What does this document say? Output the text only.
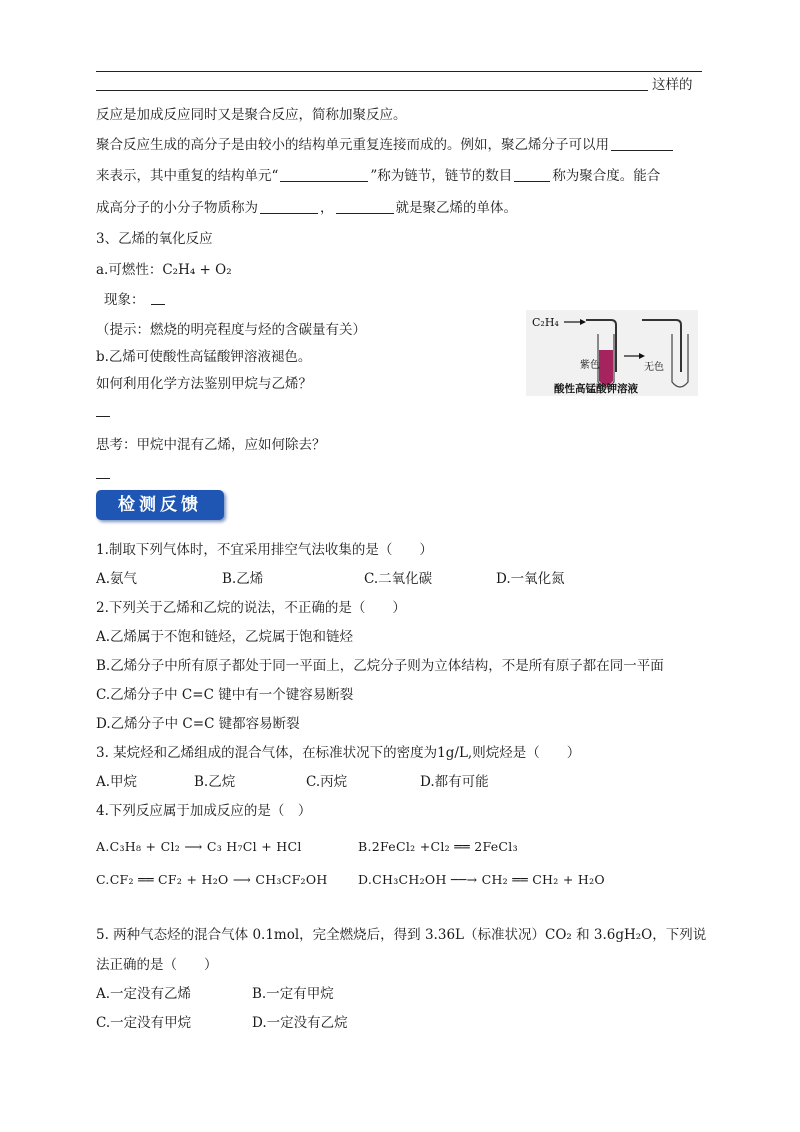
这样的
反应是加成反应同时又是聚合反应，简称加聚反应。
聚合反应生成的高分子是由较小的结构单元重复连接而成的。例如，聚乙烯分子可以用
来表示，其中重复的结构单元“	”称为链节，链节的数目	称为聚合度。能合
成高分子的小分子物质称为	，	就是聚乙烯的单体。
3、乙烯的氧化反应
a.可燃性：C₂H₄ + O₂
现象：
（提示：燃烧的明亮程度与烃的含碳量有关）
b.乙烯可使酸性高锰酸钾溶液褪色。
如何利用化学方法鉴别甲烷与乙烯？
思考：甲烷中混有乙烯，应如何除去？
C₂H₄
紫色	无色
酸性高锰酸钾溶液
检测反馈
1.制取下列气体时，不宜采用排空气法收集的是（　　）
A.氨气	B.乙烯	C.二氧化碳	D.一氧化氮
2.下列关于乙烯和乙烷的说法，不正确的是（　　）
A.乙烯属于不饱和链烃，乙烷属于饱和链烃
B.乙烯分子中所有原子都处于同一平面上，乙烷分子则为立体结构，不是所有原子都在同一平面
C.乙烯分子中 C=C 键中有一个键容易断裂
D.乙烯分子中 C=C 键都容易断裂
3. 某烷烃和乙烯组成的混合气体，在标准状况下的密度为1g/L,则烷烃是（　　）
A.甲烷	B.乙烷	C.丙烷	D.都有可能
4.下列反应属于加成反应的是（　）
A.C₃H₈ + Cl₂ ⟶ C₃ H₇Cl + HCl	B.2FeCl₂ +Cl₂ ══ 2FeCl₃
C.CF₂ ══ CF₂ + H₂O ⟶ CH₃CF₂OH D.CH₃CH₂OH ──→ CH₂ ══ CH₂ + H₂O
5. 两种气态烃的混合气体 0.1mol，完全燃烧后，得到 3.36L（标准状况）CO₂ 和 3.6gH₂O，下列说
法正确的是（　　）
A.一定没有乙烯	B.一定有甲烷
C.一定没有甲烷	D.一定没有乙烷
